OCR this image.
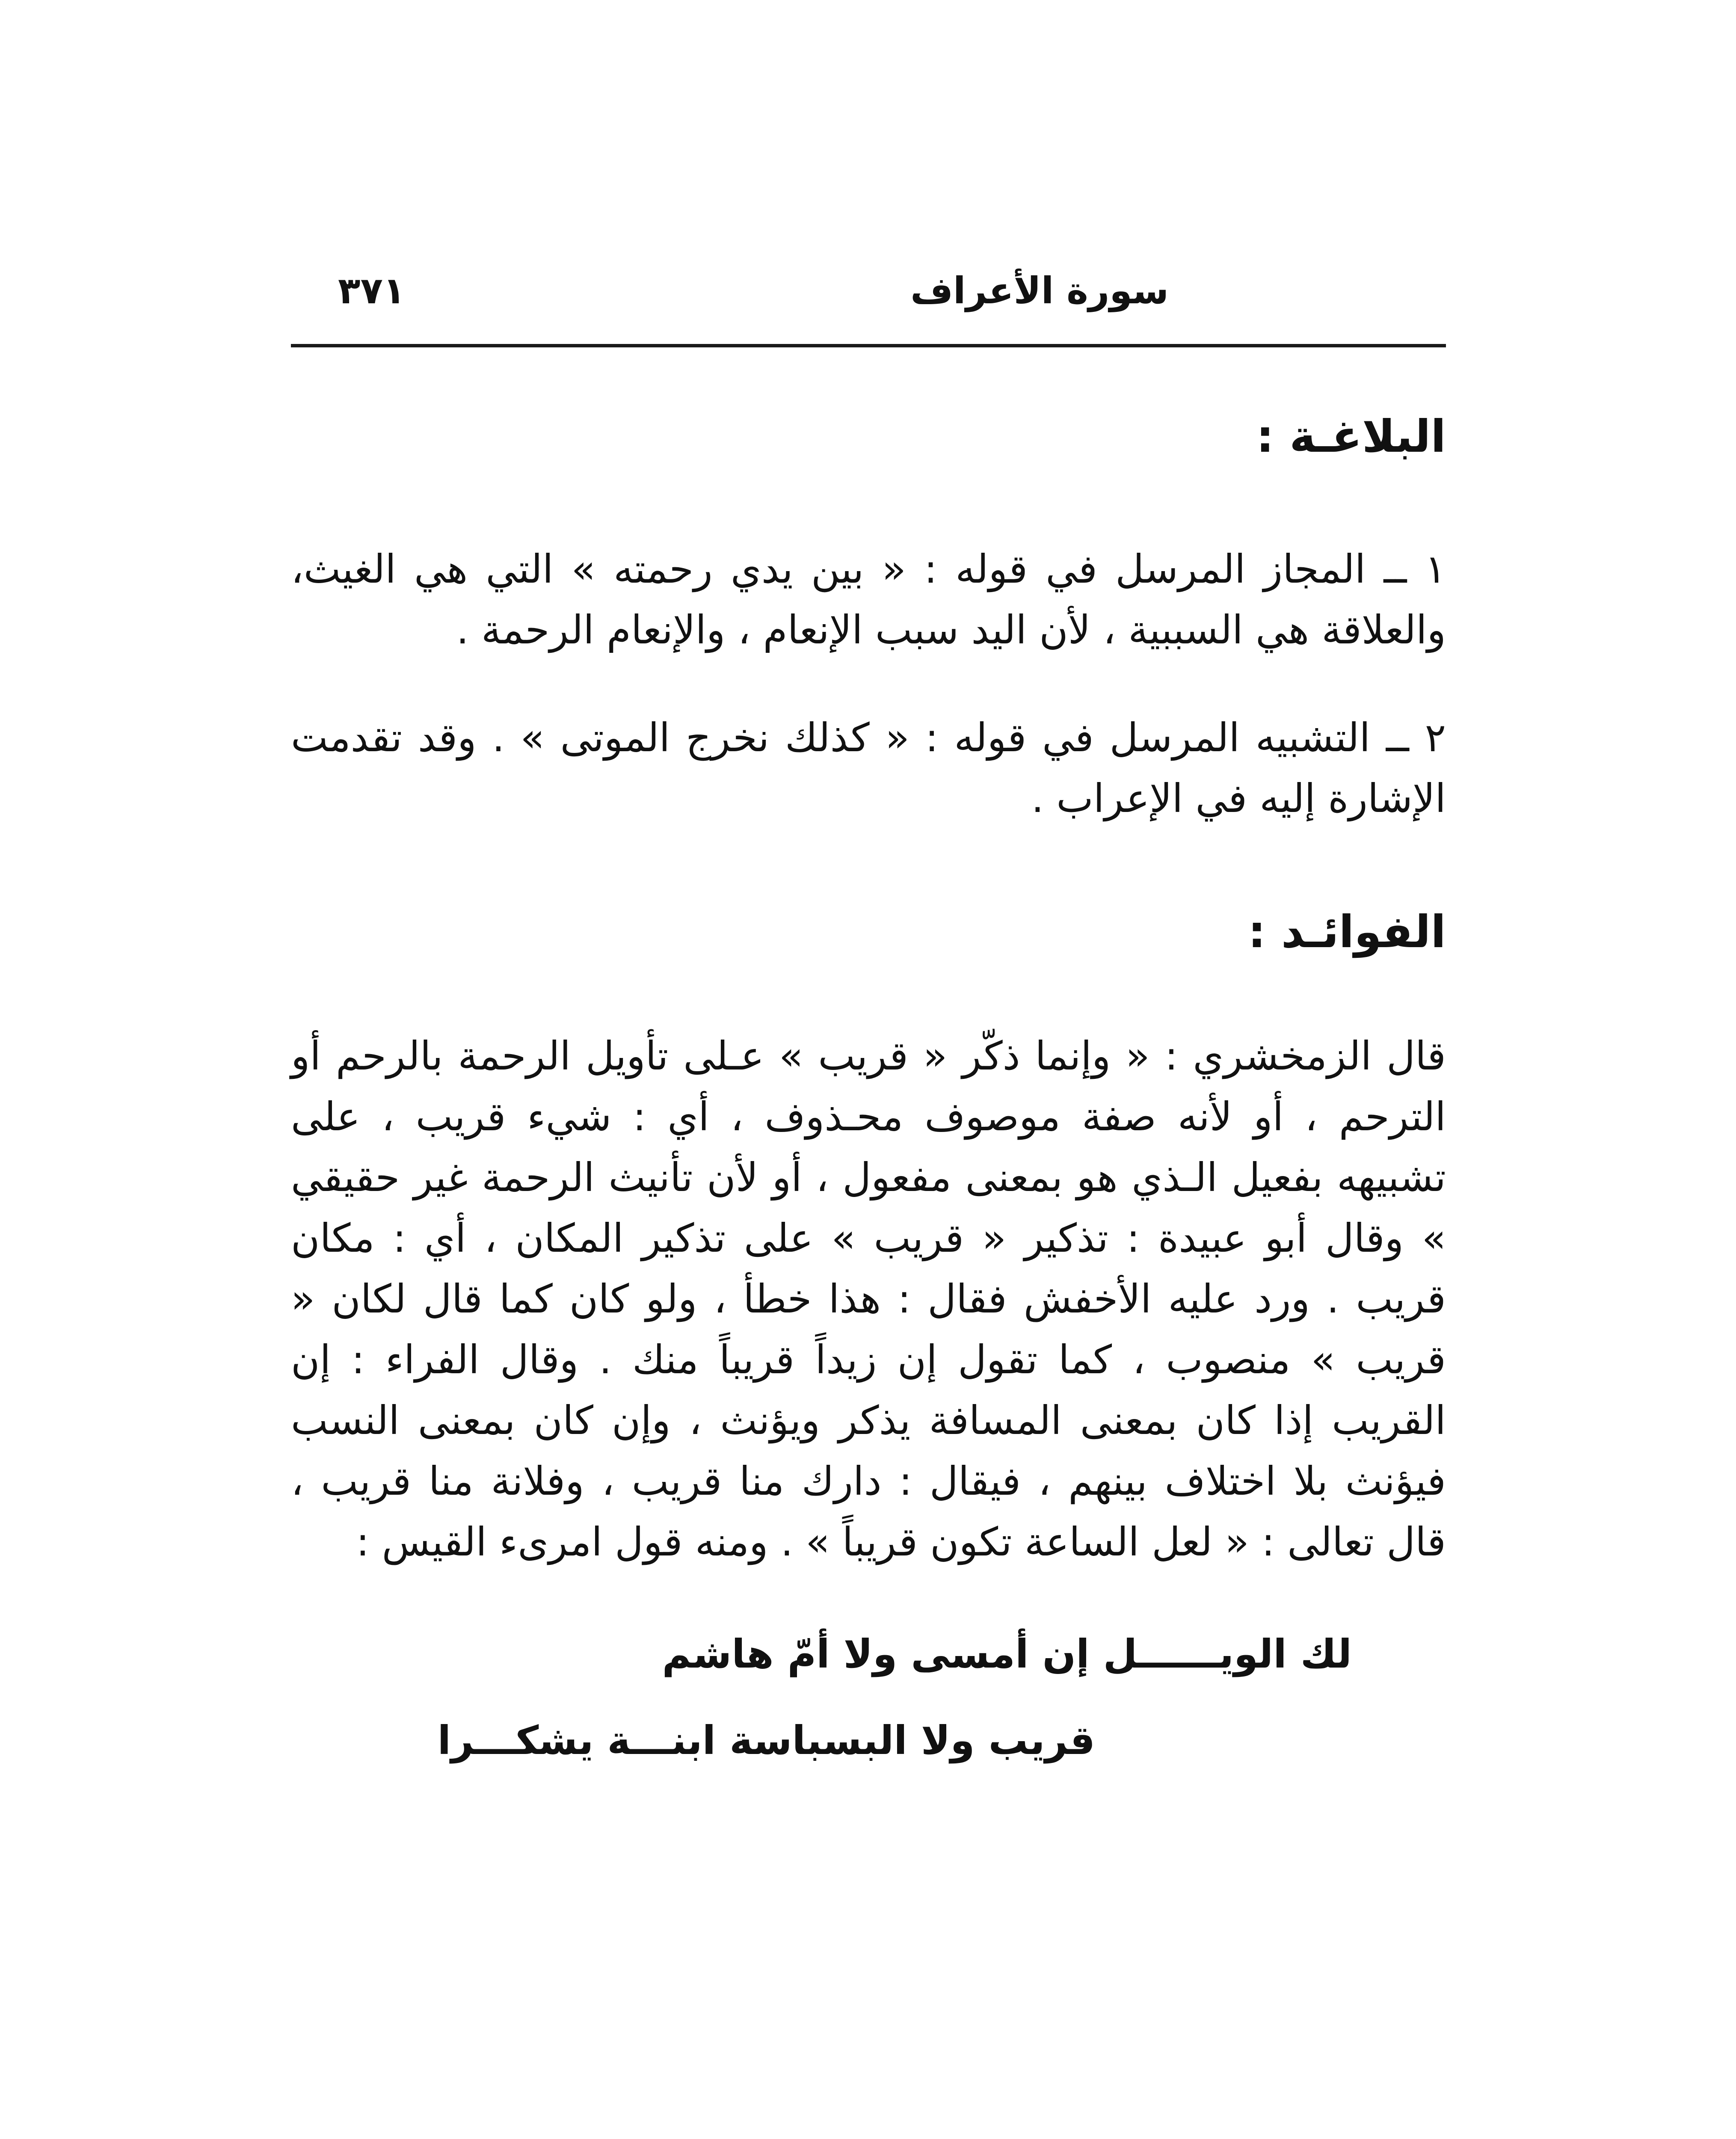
سورة الأعراف
٣٧١
البلاغـة :

١ ــ المجاز المرسل في قوله : « بين يدي رحمته » التي هي الغيث، والعلاقة هي السببية ، لأن اليد سبب الإنعام ، والإنعام الرحمة .

٢ ــ التشبيه المرسل في قوله : « كذلك نخرج الموتى » . وقد تقدمت الإشارة إليه في الإعراب .

الفوائـد :

قال الزمخشري : « وإنما ذكّر « قريب » عـلى تأويل الرحمة بالرحم أو الترحم ، أو لأنه صفة موصوف محـذوف ، أي : شيء قريب ، على تشبيهه بفعيل الـذي هو بمعنى مفعول ، أو لأن تأنيث الرحمة غير حقيقي » وقال أبو عبيدة : تذكير « قريب » على تذكير المكان ، أي : مكان قريب . ورد عليه الأخفش فقال : هذا خطأ ، ولو كان كما قال لكان « قريب » منصوب ، كما تقول إن زيداً قريباً منك . وقال الفراء : إن القريب إذا كان بمعنى المسافة يذكر ويؤنث ، وإن كان بمعنى النسب فيؤنث بلا اختلاف بينهم ، فيقال : دارك منا قريب ، وفلانة منا قريب ، قال تعالى : « لعل الساعة تكون قريباً » . ومنه قول امرىء القيس :

لك الويــــــل إن أمسى ولا أمّ هاشم

قريب ولا البسباسة ابنـــة يشكـــرا
